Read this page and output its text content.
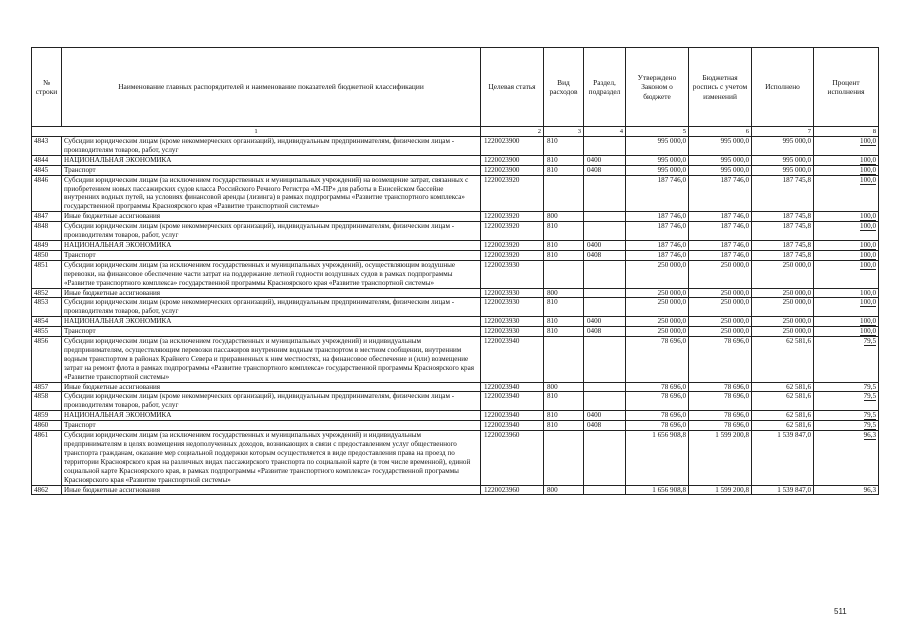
№ строки	Наименование главных распорядителей и наименование показателей бюджетной классификации	Целевая статья	Вид расходов	Раздел, подраздел	Утверждено Законом о бюджете	Бюджетная роспись с учетом изменений	Исполнено	Процент исполнения
1		2	3	4	5	6	7	8
4843	Субсидии юридическим лицам (кроме некоммерческих организаций), индивидуальным предпринимателям, физическим лицам - производителям товаров, работ, услуг	1220023900	810		995 000,0	995 000,0	995 000,0	100,0
4844	НАЦИОНАЛЬНАЯ ЭКОНОМИКА	1220023900	810	0400	995 000,0	995 000,0	995 000,0	100,0
4845	Транспорт	1220023900	810	0408	995 000,0	995 000,0	995 000,0	100,0
4846	Субсидии юридическим лицам (за исключением государственных и муниципальных учреждений) на возмещение затрат, связанных с приобретением новых пассажирских судов класса Российского Речного Регистра «М-ПР» для работы в Енисейском бассейне внутренних водных путей, на условиях финансовой аренды (лизинга) в рамках подпрограммы «Развитие транспортного комплекса» государственной программы Красноярского края «Развитие транспортной системы»	1220023920			187 746,0	187 746,0	187 745,8	100,0
4847	Иные бюджетные ассигнования	1220023920	800		187 746,0	187 746,0	187 745,8	100,0
4848	Субсидии юридическим лицам (кроме некоммерческих организаций), индивидуальным предпринимателям, физическим лицам - производителям товаров, работ, услуг	1220023920	810		187 746,0	187 746,0	187 745,8	100,0
4849	НАЦИОНАЛЬНАЯ ЭКОНОМИКА	1220023920	810	0400	187 746,0	187 746,0	187 745,8	100,0
4850	Транспорт	1220023920	810	0408	187 746,0	187 746,0	187 745,8	100,0
4851	Субсидии юридическим лицам (за исключением государственных и муниципальных учреждений), осуществляющим воздушные перевозки, на финансовое обеспечение части затрат на поддержание летной годности воздушных судов в рамках подпрограммы «Развитие транспортного комплекса» государственной программы Красноярского края «Развитие транспортной системы»	1220023930			250 000,0	250 000,0	250 000,0	100,0
4852	Иные бюджетные ассигнования	1220023930	800		250 000,0	250 000,0	250 000,0	100,0
4853	Субсидии юридическим лицам (кроме некоммерческих организаций), индивидуальным предпринимателям, физическим лицам - производителям товаров, работ, услуг	1220023930	810		250 000,0	250 000,0	250 000,0	100,0
4854	НАЦИОНАЛЬНАЯ ЭКОНОМИКА	1220023930	810	0400	250 000,0	250 000,0	250 000,0	100,0
4855	Транспорт	1220023930	810	0408	250 000,0	250 000,0	250 000,0	100,0
4856	Субсидии юридическим лицам (за исключением государственных и муниципальных учреждений) и индивидуальным предпринимателям, осуществляющим перевозки пассажиров внутренним водным транспортом в местном сообщении, внутренним водным транспортом в районах Крайнего Севера и приравненных к ним местностях, на финансовое обеспечение и (или) возмещение затрат на ремонт флота в рамках подпрограммы «Развитие транспортного комплекса» государственной программы Красноярского края «Развитие транспортной системы»	1220023940			78 696,0	78 696,0	62 581,6	79,5
4857	Иные бюджетные ассигнования	1220023940	800		78 696,0	78 696,0	62 581,6	79,5
4858	Субсидии юридическим лицам (кроме некоммерческих организаций), индивидуальным предпринимателям, физическим лицам - производителям товаров, работ, услуг	1220023940	810		78 696,0	78 696,0	62 581,6	79,5
4859	НАЦИОНАЛЬНАЯ ЭКОНОМИКА	1220023940	810	0400	78 696,0	78 696,0	62 581,6	79,5
4860	Транспорт	1220023940	810	0408	78 696,0	78 696,0	62 581,6	79,5
4861	Субсидии юридическим лицам (за исключением государственных и муниципальных учреждений) и индивидуальным предпринимателям в целях возмещения недополученных доходов, возникающих в связи с предоставлением услуг общественного транспорта гражданам, оказание мер социальной поддержки которым осуществляется в виде предоставления права на проезд по территории Красноярского края на различных видах пассажирского транспорта по социальной карте (в том числе временной), единой социальной карте Красноярского края, в рамках подпрограммы «Развитие транспортного комплекса» государственной программы Красноярского края «Развитие транспортной системы»	1220023960			1 656 908,8	1 599 200,8	1 539 847,0	96,3
4862	Иные бюджетные ассигнования	1220023960	800		1 656 908,8	1 599 200,8	1 539 847,0	96,3
511
